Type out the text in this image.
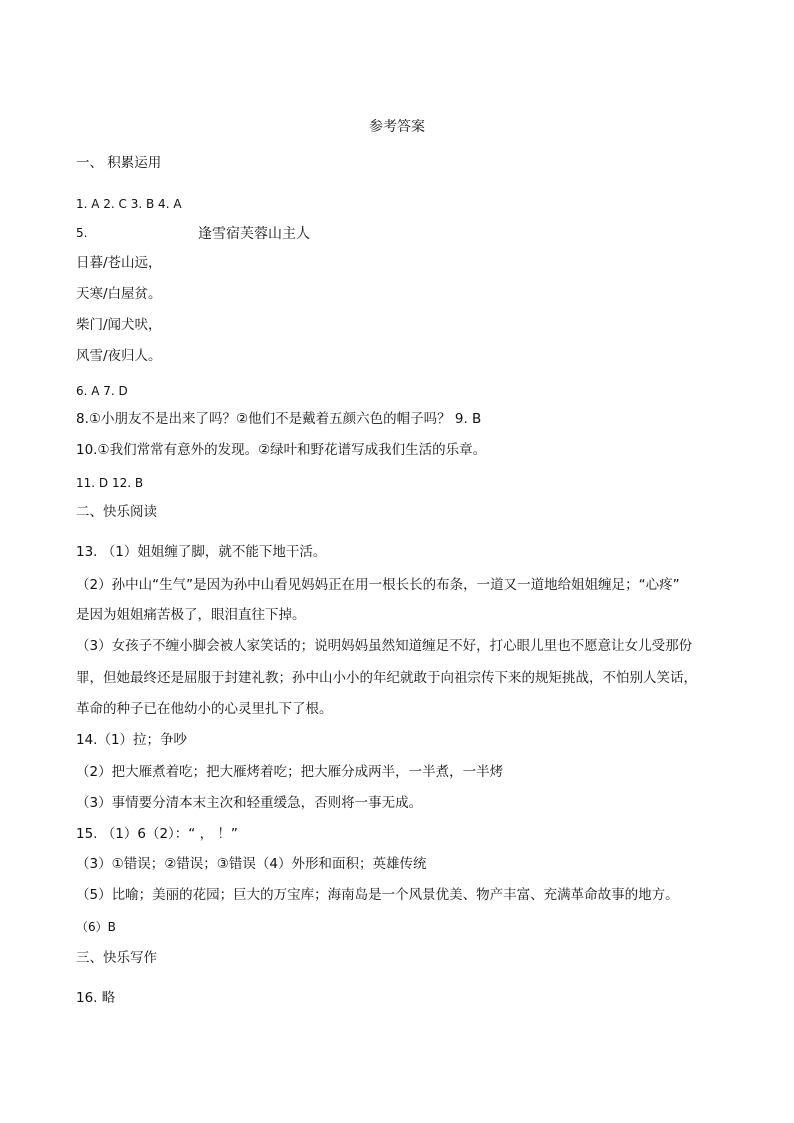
参考答案
一、 积累运用
1. A 2. C 3. B 4. A
5.	逢雪宿芙蓉山主人
日暮/苍山远，
天寒/白屋贫。
柴门/闻犬吠，
风雪/夜归人。
6. A 7. D
8.①小朋友不是出来了吗？②他们不是戴着五颜六色的帽子吗？ 9. B
10.①我们常常有意外的发现。②绿叶和野花谱写成我们生活的乐章。
11. D 12. B
二、快乐阅读
13. （1）姐姐缠了脚，就不能下地干活。
（2）孙中山“生气”是因为孙中山看见妈妈正在用一根长长的布条，一道又一道地给姐姐缠足；“心疼”
是因为姐姐痛苦极了，眼泪直往下掉。
（3）女孩子不缠小脚会被人家笑话的；说明妈妈虽然知道缠足不好，打心眼儿里也不愿意让女儿受那份
罪，但她最终还是屈服于封建礼教；孙中山小小的年纪就敢于向祖宗传下来的规矩挑战，不怕别人笑话，
革命的种子已在他幼小的心灵里扎下了根。
14.（1）拉；争吵
（2）把大雁煮着吃；把大雁烤着吃；把大雁分成两半，一半煮，一半烤
（3）事情要分清本末主次和轻重缓急，否则将一事无成。
15. （1）6（2）：“ ， ！”
（3）①错误；②错误；③错误（4）外形和面积；英雄传统
（5）比喻；美丽的花园；巨大的万宝库；海南岛是一个风景优美、物产丰富、充满革命故事的地方。
（6）B
三、快乐写作
16. 略
